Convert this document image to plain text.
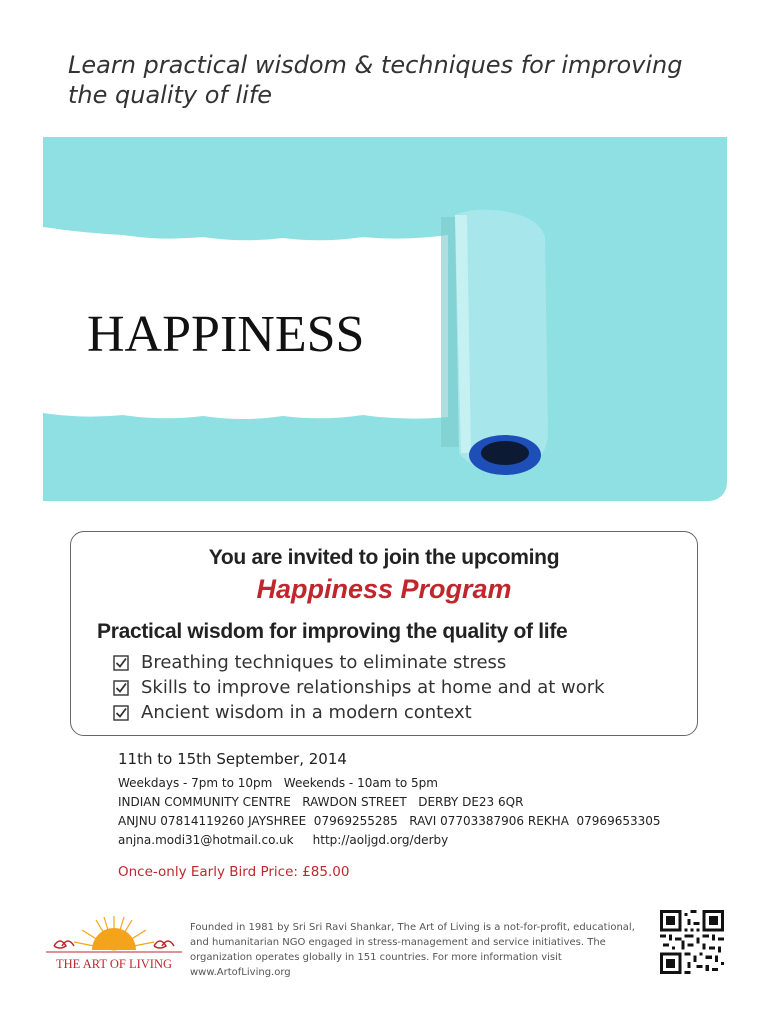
Learn practical wisdom & techniques for improving the quality of life
HAPPINESS
You are invited to join the upcoming
Happiness Program
Practical wisdom for improving the quality of life
Breathing techniques to eliminate stress
Skills to improve relationships at home and at work
Ancient wisdom in a modern context

11th to 15th September, 2014

Weekdays - 7pm to 10pm   Weekends - 10am to 5pm

INDIAN COMMUNITY CENTRE   RAWDON STREET   DERBY DE23 6QR

ANJNU 07814119260 JAYSHREE  07969255285   RAVI 07703387906 REKHA  07969653305

anjna.modi31@hotmail.co.uk     http://aoljgd.org/derby

Once-only Early Bird Price: £85.00

THE ART OF LIVING
Founded in 1981 by Sri Sri Ravi Shankar, The Art of Living is a not-for-profit, educational, and humanitarian NGO engaged in stress-management and service initiatives. The organization operates globally in 151 countries. For more information visit www.ArtofLiving.org
